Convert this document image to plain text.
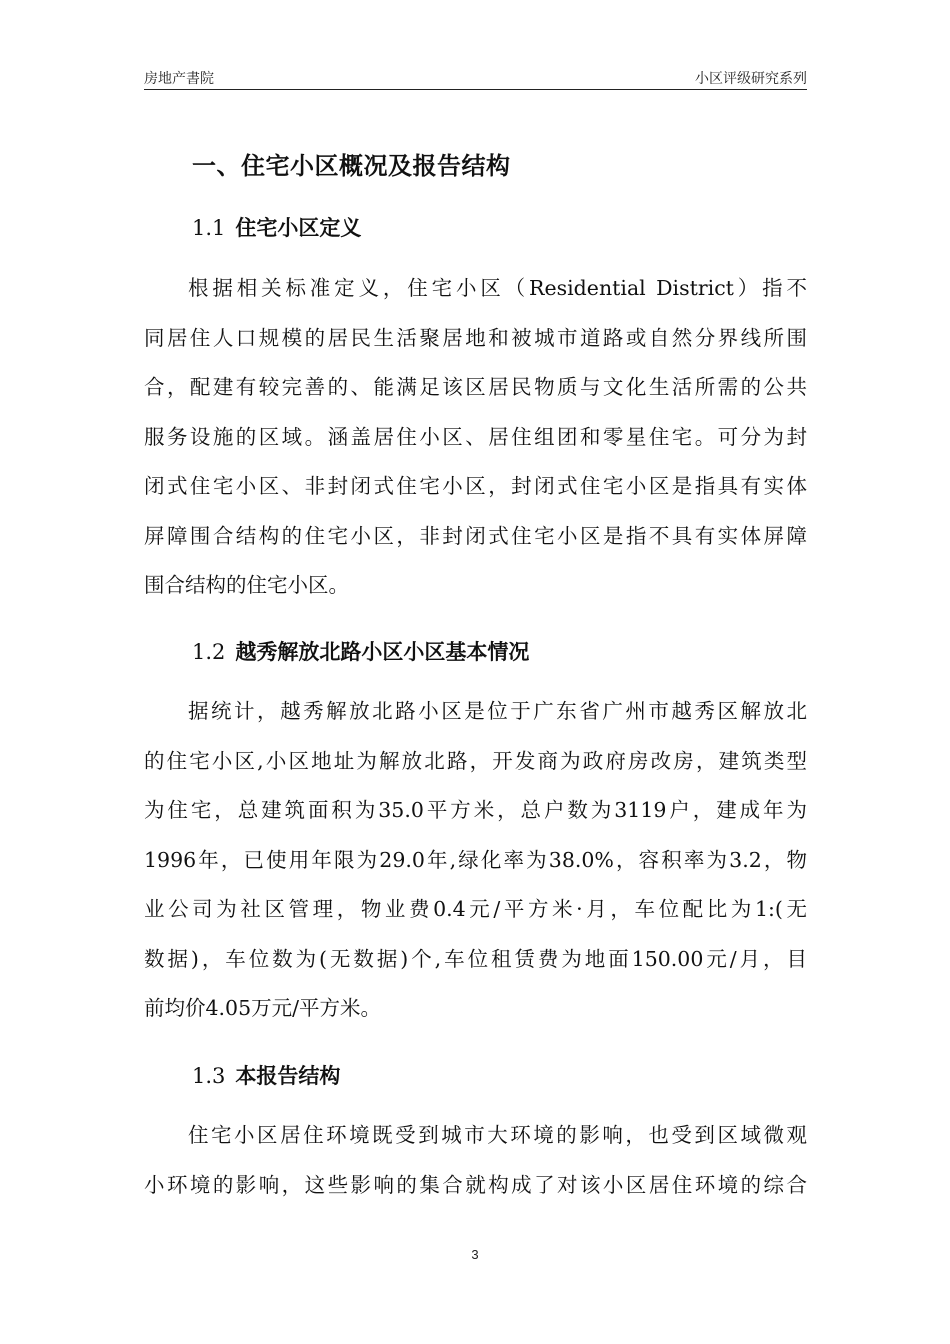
房地产書院	小区评级研究系列
一、住宅小区概况及报告结构
1.1 住宅小区定义
根据相关标准定义，住宅小区（Residential District）指不
同居住人口规模的居民生活聚居地和被城市道路或自然分界线所围
合，配建有较完善的、能满足该区居民物质与文化生活所需的公共
服务设施的区域。涵盖居住小区、居住组团和零星住宅。可分为封
闭式住宅小区、非封闭式住宅小区，封闭式住宅小区是指具有实体
屏障围合结构的住宅小区，非封闭式住宅小区是指不具有实体屏障
围合结构的住宅小区。
1.2 越秀解放北路小区小区基本情况
据统计，越秀解放北路小区是位于广东省广州市越秀区解放北
的住宅小区,小区地址为解放北路，开发商为政府房改房，建筑类型
为住宅，总建筑面积为35.0平方米，总户数为3119户，建成年为
1996年，已使用年限为29.0年,绿化率为38.0%，容积率为3.2，物
业公司为社区管理，物业费0.4元/平方米·月，车位配比为1:(无
数据)，车位数为(无数据)个,车位租赁费为地面150.00元/月，目
前均价4.05万元/平方米。
1.3 本报告结构
住宅小区居住环境既受到城市大环境的影响，也受到区域微观
小环境的影响，这些影响的集合就构成了对该小区居住环境的综合
3
